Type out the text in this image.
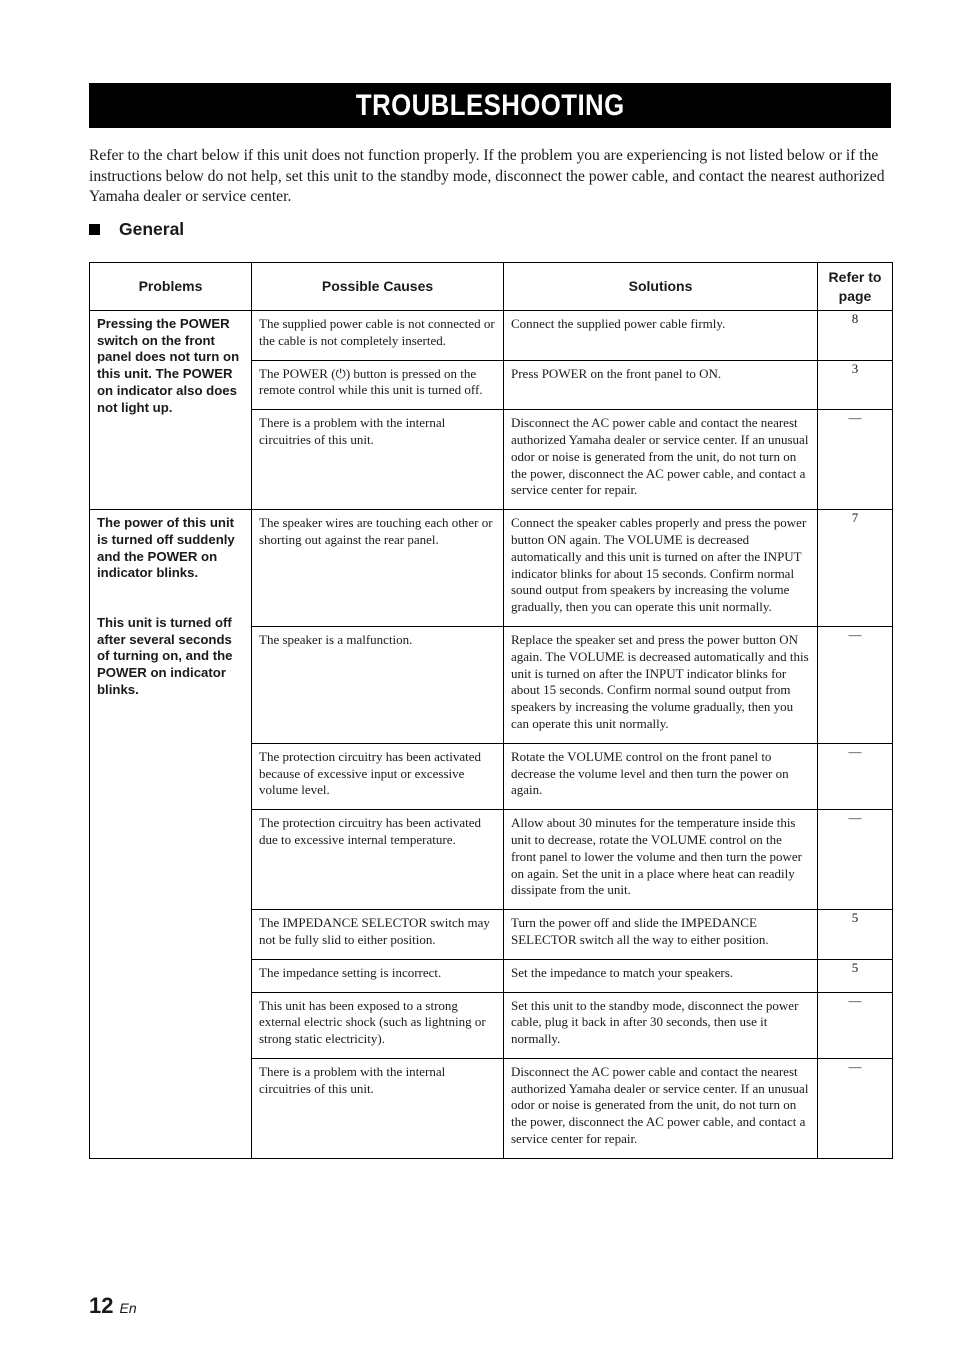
TROUBLESHOOTING

Refer to the chart below if this unit does not function properly. If the problem you are experiencing is not listed below or if the instructions below do not help, set this unit to the standby mode, disconnect the power cable, and contact the nearest authorized Yamaha dealer or service center.

General
Problems	Possible Causes	Solutions	Refer to page

Pressing the POWER switch on the front panel does not turn on this unit. The POWER on indicator also does not light up.	The supplied power cable is not connected or the cable is not completely inserted.	Connect the supplied power cable firmly.	8
	The POWER (⏻) button is pressed on the remote control while this unit is turned off.	Press POWER on the front panel to ON.	3
	There is a problem with the internal circuitries of this unit.	Disconnect the AC power cable and contact the nearest authorized Yamaha dealer or service center. If an unusual odor or noise is generated from the unit, do not turn on the power, disconnect the AC power cable, and contact a service center for repair.	—

The power of this unit is turned off suddenly and the POWER on indicator blinks.

This unit is turned off after several seconds of turning on, and the POWER on indicator blinks.	The speaker wires are touching each other or shorting out against the rear panel.	Connect the speaker cables properly and press the power button ON again. The VOLUME is decreased automatically and this unit is turned on after the INPUT indicator blinks for about 15 seconds. Confirm normal sound output from speakers by increasing the volume gradually, then you can operate this unit normally.	7
	The speaker is a malfunction.	Replace the speaker set and press the power button ON again. The VOLUME is decreased automatically and this unit is turned on after the INPUT indicator blinks for about 15 seconds. Confirm normal sound output from speakers by increasing the volume gradually, then you can operate this unit normally.	—
	The protection circuitry has been activated because of excessive input or excessive volume level.	Rotate the VOLUME control on the front panel to decrease the volume level and then turn the power on again.	—
	The protection circuitry has been activated due to excessive internal temperature.	Allow about 30 minutes for the temperature inside this unit to decrease, rotate the VOLUME control on the front panel to lower the volume and then turn the power on again. Set the unit in a place where heat can readily dissipate from the unit.	—
	The IMPEDANCE SELECTOR switch may not be fully slid to either position.	Turn the power off and slide the IMPEDANCE SELECTOR switch all the way to either position.	5
	The impedance setting is incorrect.	Set the impedance to match your speakers.	5
	This unit has been exposed to a strong external electric shock (such as lightning or strong static electricity).	Set this unit to the standby mode, disconnect the power cable, plug it back in after 30 seconds, then use it normally.	—
	There is a problem with the internal circuitries of this unit.	Disconnect the AC power cable and contact the nearest authorized Yamaha dealer or service center. If an unusual odor or noise is generated from the unit, do not turn on the power, disconnect the AC power cable, and contact a service center for repair.	—
12 En
